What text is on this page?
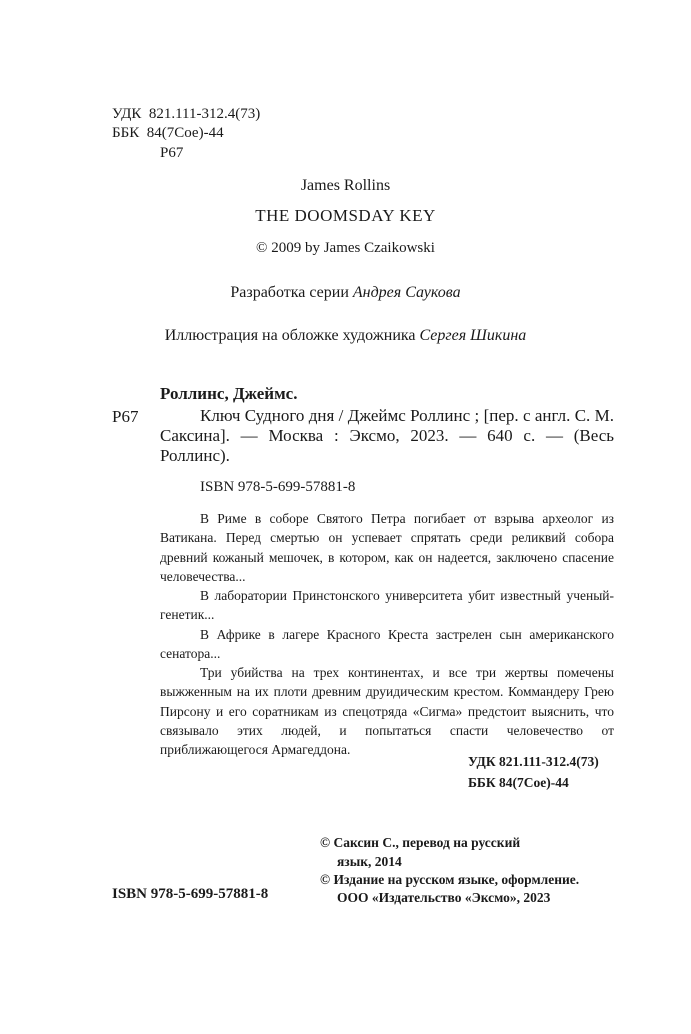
УДК  821.111-312.4(73)
ББК  84(7Сое)-44
Р67
James Rollins
THE DOOMSDAY KEY
© 2009 by James Czaikowski
Разработка серии Андрея Саукова
Иллюстрация на обложке художника Сергея Шикина
Роллинс, Джеймс.
Р67	Ключ Судного дня / Джеймс Роллинс ; [пер. с англ. С. М. Саксина]. — Москва : Эксмо, 2023. — 640 с. — (Весь Роллинс).

ISBN 978-5-699-57881-8

В Риме в соборе Святого Петра погибает от взрыва археолог из Ватикана. Перед смертью он успевает спрятать среди реликвий собора древний кожаный мешочек, в котором, как он надеется, заключено спасение человечества...

В лаборатории Принстонского университета убит известный ученый-генетик...

В Африке в лагере Красного Креста застрелен сын американского сенатора...

Три убийства на трех континентах, и все три жертвы помечены выжженным на их плоти древним друидическим крестом. Коммандеру Грею Пирсону и его соратникам из спецотряда «Сигма» предстоит выяснить, что связывало этих людей, и попытаться спасти человечество от приближающегося Армагеддона.

УДК 821.111-312.4(73)
ББК 84(7Сое)-44
© Саксин С., перевод на русский
язык, 2014
© Издание на русском языке, оформление.
ООО «Издательство «Эксмо», 2023
ISBN 978-5-699-57881-8
